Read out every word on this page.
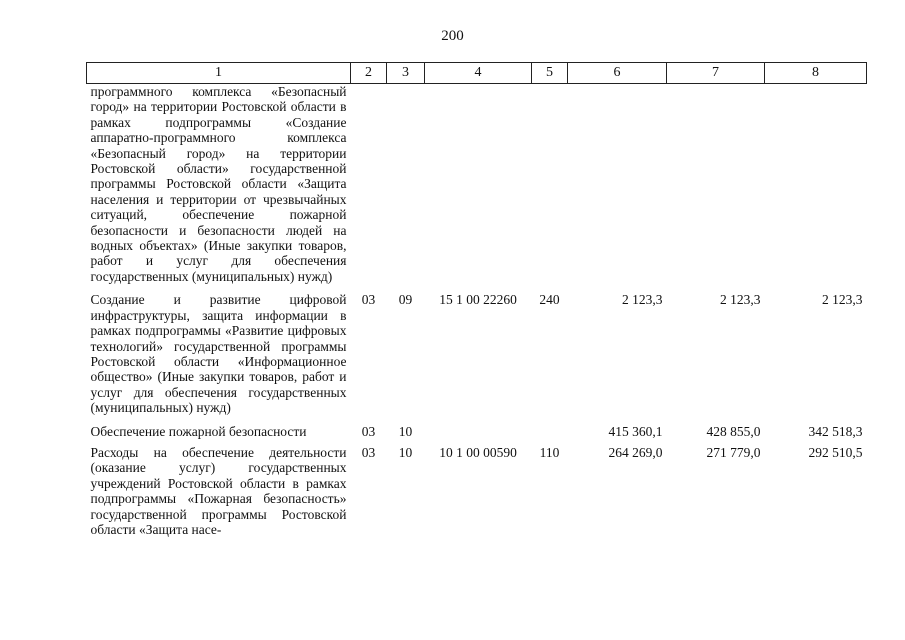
200
1	2	3	4	5	6	7	8
программного комплекса «Безопасный город» на территории Ростовской области в рамках подпрограммы «Создание аппаратно-программного комплекса «Безопасный город» на территории Ростовской области» государственной программы Ростовской области «Защита населения и территории от чрезвычайных ситуаций, обеспечение пожарной безопасности и безопасности людей на водных объектах» (Иные закупки товаров, работ и услуг для обеспечения государственных (муниципальных) нужд)							
Создание и развитие цифровой инфраструктуры, защита информации в рамках подпрограммы «Развитие цифровых технологий» государственной программы Ростовской области «Информационное общество» (Иные закупки товаров, работ и услуг для обеспечения государственных (муниципальных) нужд)	03	09	15 1 00 22260	240	2 123,3	2 123,3	2 123,3
Обеспечение пожарной безопасности	03	10			415 360,1	428 855,0	342 518,3
Расходы на обеспечение деятельности (оказание услуг) государственных учреждений Ростовской области в рамках подпрограммы «Пожарная безопасность» государственной программы Ростовской области «Защита насе-	03	10	10 1 00 00590	110	264 269,0	271 779,0	292 510,5
